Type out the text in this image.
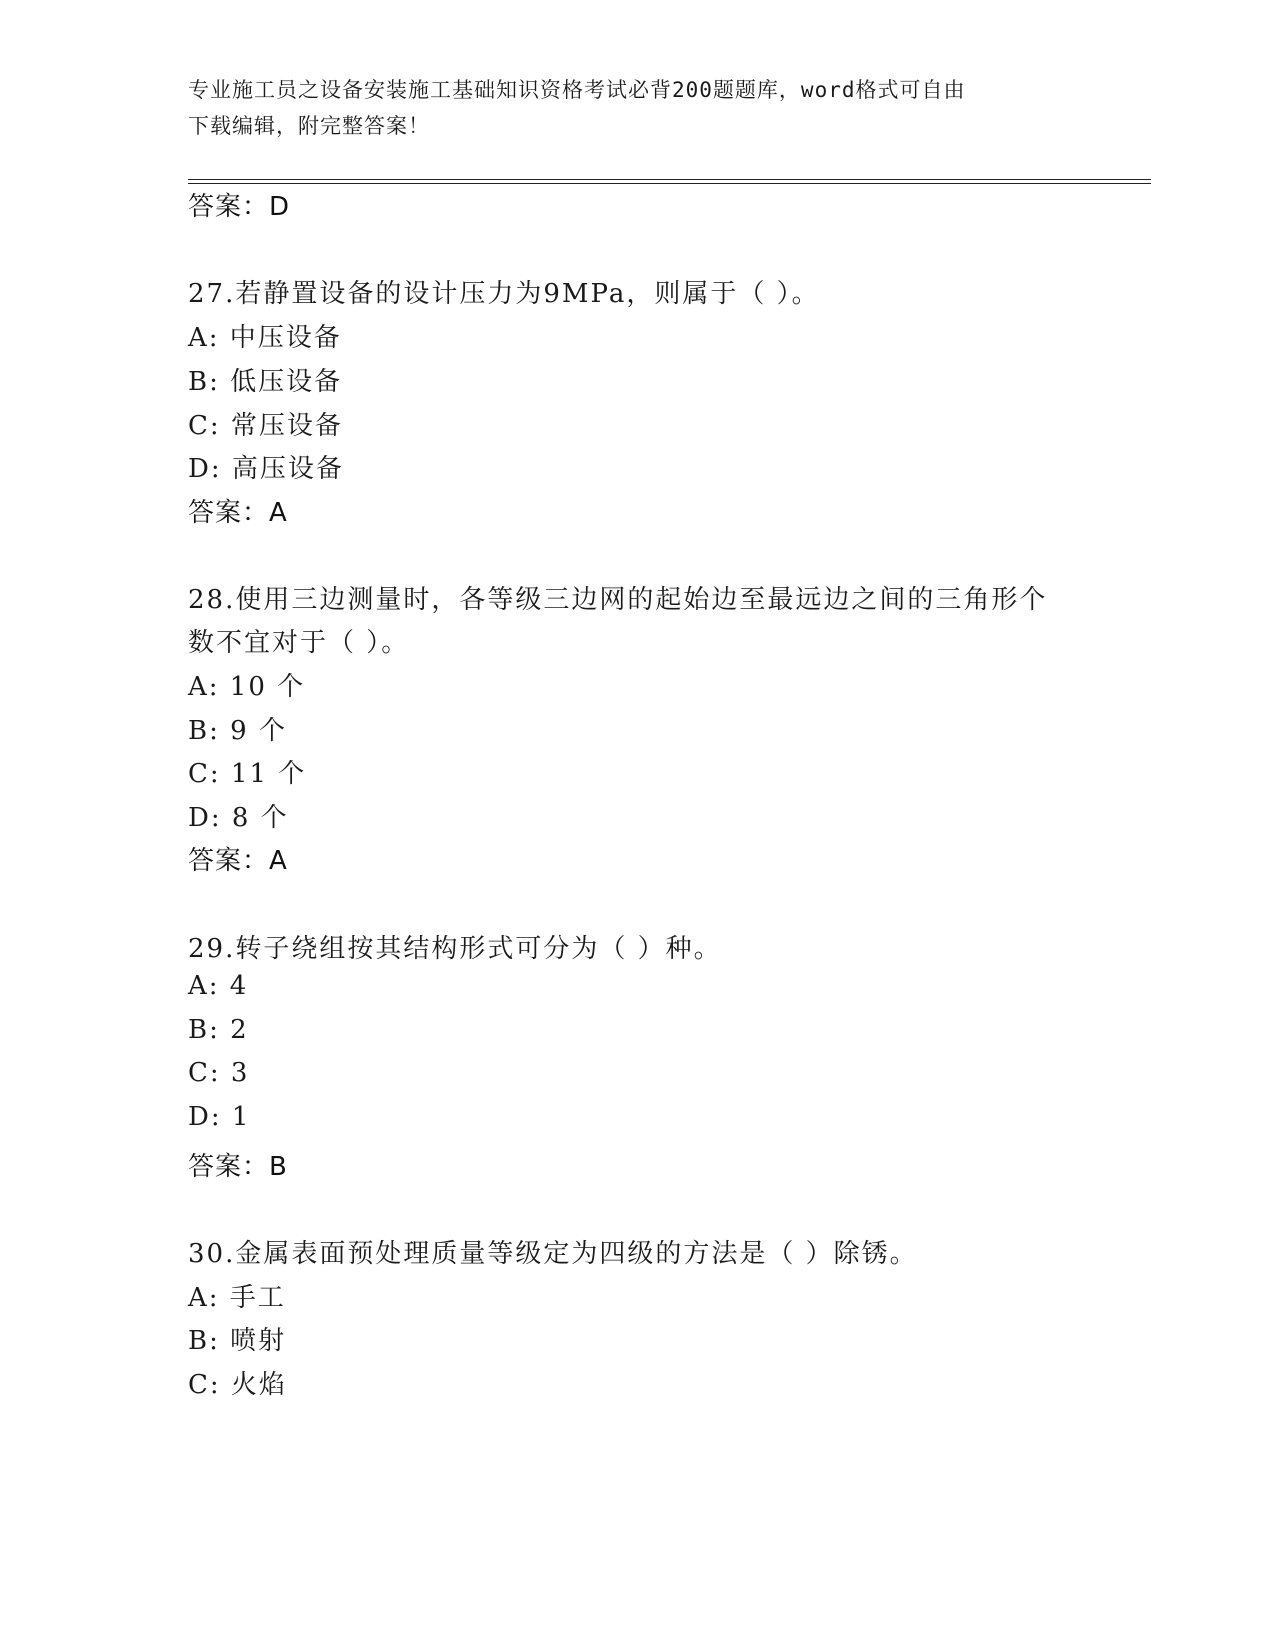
专业施工员之设备安装施工基础知识资格考试必背200题题库，word格式可自由
下载编辑，附完整答案！
答案：D
27.若静置设备的设计压力为9MPa，则属于（ ）。
A: 中压设备
B: 低压设备
C: 常压设备
D: 高压设备
答案：A
28.使用三边测量时，各等级三边网的起始边至最远边之间的三角形个
数不宜对于（ ）。
A: 10 个
B: 9 个
C: 11 个
D: 8 个
答案：A
29.转子绕组按其结构形式可分为（ ）种。
A: 4
B: 2
C: 3
D: 1
答案：B
30.金属表面预处理质量等级定为四级的方法是（ ）除锈。
A: 手工
B: 喷射
C: 火焰
